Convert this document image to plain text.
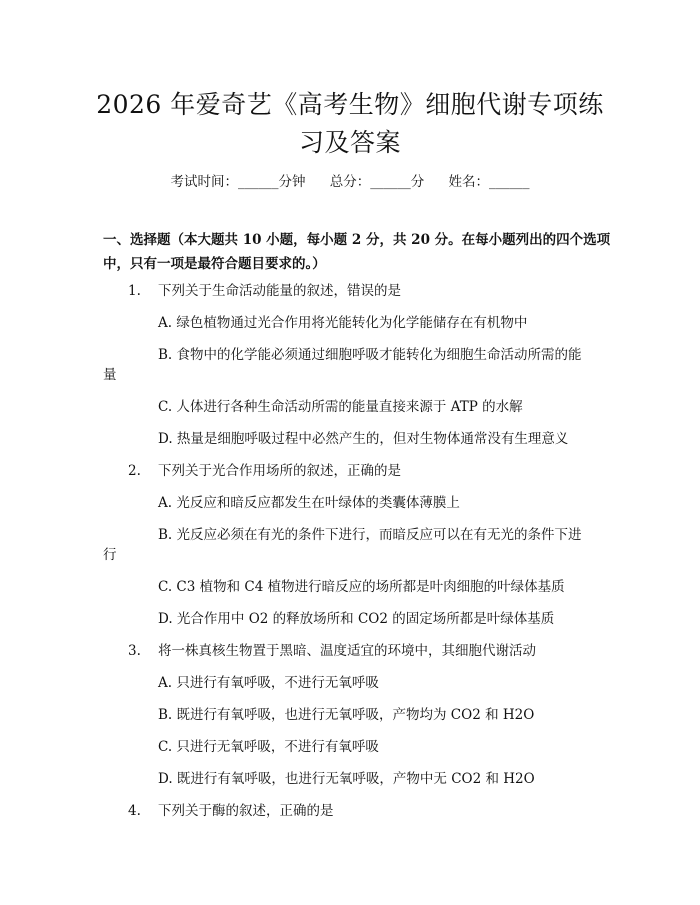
2026 年爱奇艺《高考生物》细胞代谢专项练
习及答案
考试时间：______分钟 总分：______分 姓名：______
一、选择题（本大题共 10 小题，每小题 2 分，共 20 分。在每小题列出的四个选项中，只有一项是最符合题目要求的。）
1. 下列关于生命活动能量的叙述，错误的是
A. 绿色植物通过光合作用将光能转化为化学能储存在有机物中
B. 食物中的化学能必须通过细胞呼吸才能转化为细胞生命活动所需的能
量
C. 人体进行各种生命活动所需的能量直接来源于 ATP 的水解
D. 热量是细胞呼吸过程中必然产生的，但对生物体通常没有生理意义
2. 下列关于光合作用场所的叙述，正确的是
A. 光反应和暗反应都发生在叶绿体的类囊体薄膜上
B. 光反应必须在有光的条件下进行，而暗反应可以在有无光的条件下进
行
C. C3 植物和 C4 植物进行暗反应的场所都是叶肉细胞的叶绿体基质
D. 光合作用中 O2 的释放场所和 CO2 的固定场所都是叶绿体基质
3. 将一株真核生物置于黑暗、温度适宜的环境中，其细胞代谢活动
A. 只进行有氧呼吸，不进行无氧呼吸
B. 既进行有氧呼吸，也进行无氧呼吸，产物均为 CO2 和 H2O
C. 只进行无氧呼吸，不进行有氧呼吸
D. 既进行有氧呼吸，也进行无氧呼吸，产物中无 CO2 和 H2O
4. 下列关于酶的叙述，正确的是
